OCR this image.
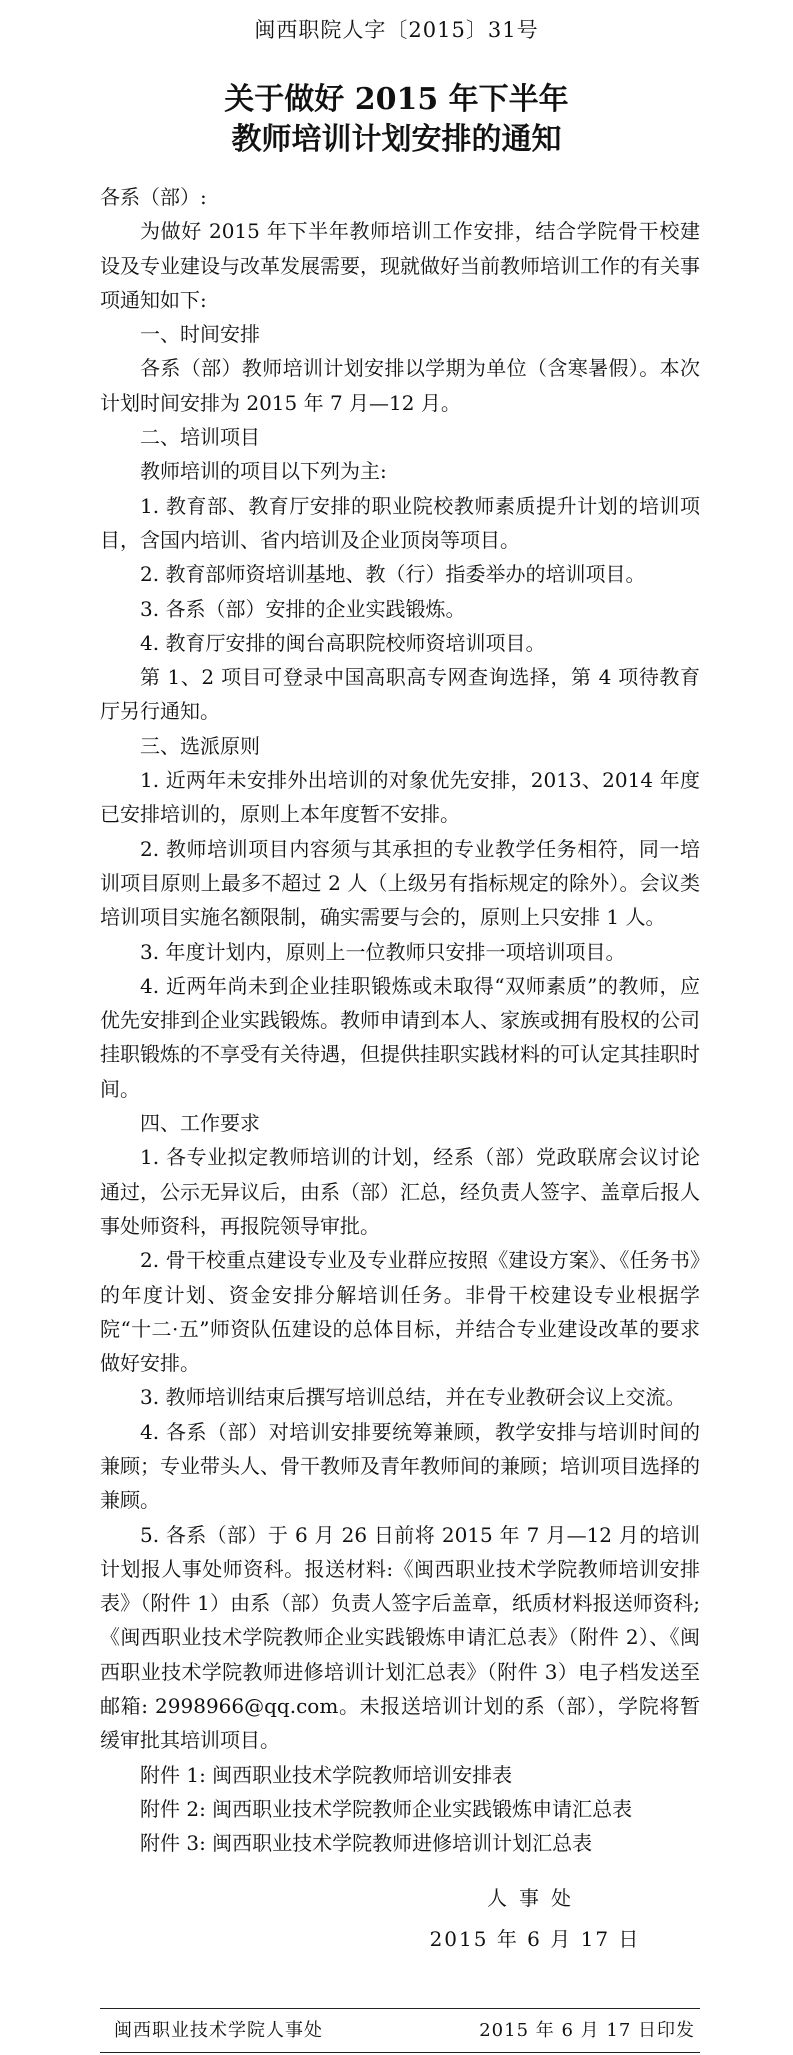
闽西职院人字〔2015〕31号
关于做好 2015 年下半年
教师培训计划安排的通知

各系（部）:

为做好 2015 年下半年教师培训工作安排，结合学院骨干校建设及专业建设与改革发展需要，现就做好当前教师培训工作的有关事项通知如下:

一、时间安排

各系（部）教师培训计划安排以学期为单位（含寒暑假）。本次计划时间安排为 2015 年 7 月—12 月。

二、培训项目

教师培训的项目以下列为主:

1. 教育部、教育厅安排的职业院校教师素质提升计划的培训项目，含国内培训、省内培训及企业顶岗等项目。

2. 教育部师资培训基地、教（行）指委举办的培训项目。

3. 各系（部）安排的企业实践锻炼。

4. 教育厅安排的闽台高职院校师资培训项目。

第 1、2 项目可登录中国高职高专网查询选择，第 4 项待教育厅另行通知。

三、选派原则

1. 近两年未安排外出培训的对象优先安排，2013、2014 年度已安排培训的，原则上本年度暂不安排。

2. 教师培训项目内容须与其承担的专业教学任务相符，同一培训项目原则上最多不超过 2 人（上级另有指标规定的除外）。会议类培训项目实施名额限制，确实需要与会的，原则上只安排 1 人。

3. 年度计划内，原则上一位教师只安排一项培训项目。

4. 近两年尚未到企业挂职锻炼或未取得“双师素质”的教师，应优先安排到企业实践锻炼。教师申请到本人、家族或拥有股权的公司挂职锻炼的不享受有关待遇，但提供挂职实践材料的可认定其挂职时间。

四、工作要求

1. 各专业拟定教师培训的计划，经系（部）党政联席会议讨论通过，公示无异议后，由系（部）汇总，经负责人签字、盖章后报人事处师资科，再报院领导审批。

2. 骨干校重点建设专业及专业群应按照《建设方案》、《任务书》的年度计划、资金安排分解培训任务。非骨干校建设专业根据学院“十二·五”师资队伍建设的总体目标，并结合专业建设改革的要求做好安排。

3. 教师培训结束后撰写培训总结，并在专业教研会议上交流。

4. 各系（部）对培训安排要统筹兼顾，教学安排与培训时间的兼顾；专业带头人、骨干教师及青年教师间的兼顾；培训项目选择的兼顾。

5. 各系（部）于 6 月 26 日前将 2015 年 7 月—12 月的培训计划报人事处师资科。报送材料:《闽西职业技术学院教师培训安排表》（附件 1）由系（部）负责人签字后盖章，纸质材料报送师资科;《闽西职业技术学院教师企业实践锻炼申请汇总表》（附件 2）、《闽西职业技术学院教师进修培训计划汇总表》（附件 3）电子档发送至邮箱: 2998966@qq.com。未报送培训计划的系（部），学院将暂缓审批其培训项目。

附件 1: 闽西职业技术学院教师培训安排表

附件 2: 闽西职业技术学院教师企业实践锻炼申请汇总表

附件 3: 闽西职业技术学院教师进修培训计划汇总表

人事处
2015 年 6 月 17 日
闽西职业技术学院人事处	2015 年 6 月 17 日印发
